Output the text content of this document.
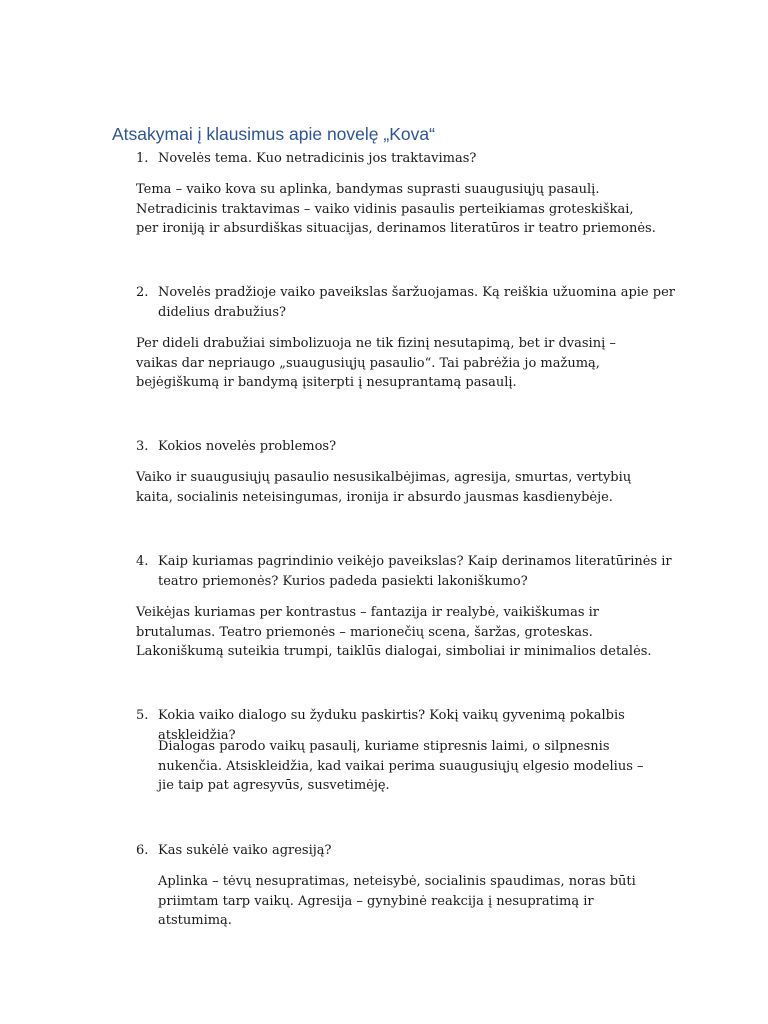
Atsakymai į klausimus apie novelę „Kova“
1. Novelės tema. Kuo netradicinis jos traktavimas?

Tema – vaiko kova su aplinka, bandymas suprasti suaugusiųjų pasaulį. Netradicinis traktavimas – vaiko vidinis pasaulis perteikiamas groteskiškai, per ironiją ir absurdiškas situacijas, derinamos literatūros ir teatro priemonės.

2. Novelės pradžioje vaiko paveikslas šaržuojamas. Ką reiškia užuomina apie per didelius drabužius?

Per dideli drabužiai simbolizuoja ne tik fizinį nesutapimą, bet ir dvasinį – vaikas dar nepriaugo „suaugusiųjų pasaulio“. Tai pabrėžia jo mažumą, bejėgiškumą ir bandymą įsiterpti į nesuprantamą pasaulį.

3. Kokios novelės problemos?

Vaiko ir suaugusiųjų pasaulio nesusikalbėjimas, agresija, smurtas, vertybių kaita, socialinis neteisingumas, ironija ir absurdo jausmas kasdienybėje.

4. Kaip kuriamas pagrindinio veikėjo paveikslas? Kaip derinamos literatūrinės ir teatro priemonės? Kurios padeda pasiekti lakoniškumo?

Veikėjas kuriamas per kontrastus – fantazija ir realybė, vaikiškumas ir brutalumas. Teatro priemonės – marionečių scena, šaržas, groteskas. Lakoniškumą suteikia trumpi, taiklūs dialogai, simboliai ir minimalios detalės.

5. Kokia vaiko dialogo su žyduku paskirtis? Kokį vaikų gyvenimą pokalbis atskleidžia?

Dialogas parodo vaikų pasaulį, kuriame stipresnis laimi, o silpnesnis nukenčia. Atsiskleidžia, kad vaikai perima suaugusiųjų elgesio modelius – jie taip pat agresyvūs, susvetimėję.

6. Kas sukėlė vaiko agresiją?

Aplinka – tėvų nesupratimas, neteisybė, socialinis spaudimas, noras būti priimtam tarp vaikų. Agresija – gynybinė reakcija į nesupratimą ir atstumimą.
